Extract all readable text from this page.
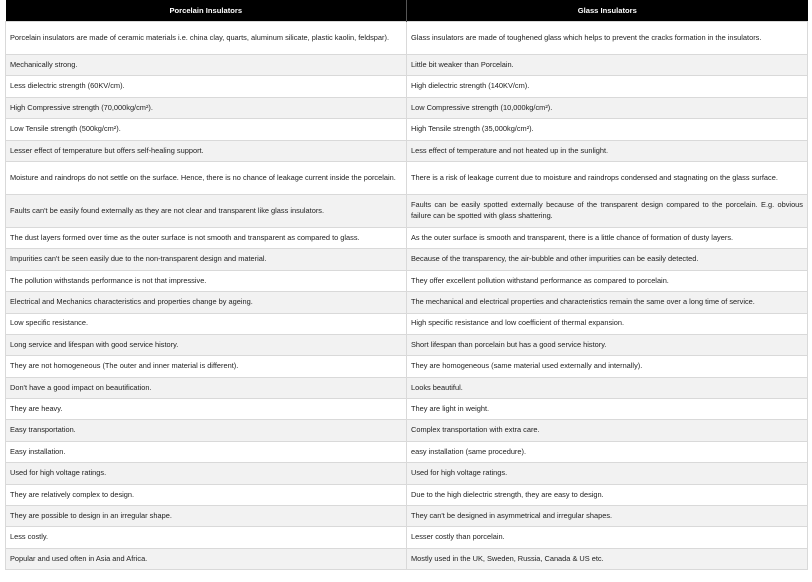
Porcelain Insulators	Glass Insulators
Porcelain insulators are made of ceramic materials i.e. china clay, quarts, aluminum silicate, plastic kaolin, feldspar).	Glass insulators are made of toughened glass which helps to prevent the cracks formation in the insulators.
Mechanically strong.	Little bit weaker than Porcelain.
Less dielectric strength (60KV/cm).	High dielectric strength (140KV/cm).
High Compressive strength (70,000kg/cm²).	Low Compressive strength (10,000kg/cm²).
Low Tensile strength (500kg/cm²).	High Tensile strength (35,000kg/cm²).
Lesser effect of temperature but offers self-healing support.	Less effect of temperature and not heated up in the sunlight.
Moisture and raindrops do not settle on the surface. Hence, there is no chance of leakage current inside the porcelain.	There is a risk of leakage current due to moisture and raindrops condensed and stagnating on the glass surface.
Faults can't be easily found externally as they are not clear and transparent like glass insulators.	Faults can be easily spotted externally because of the transparent design compared to the porcelain. E.g. obvious failure can be spotted with glass shattering.
The dust layers formed over time as the outer surface is not smooth and transparent as compared to glass.	As the outer surface is smooth and transparent, there is a little chance of formation of dusty layers.
Impurities can't be seen easily due to the non-transparent design and material.	Because of the transparency, the air-bubble and other impurities can be easily detected.
The pollution withstands performance is not that impressive.	They offer excellent pollution withstand performance as compared to porcelain.
Electrical and Mechanics characteristics and properties change by ageing.	The mechanical and electrical properties and characteristics remain the same over a long time of service.
Low specific resistance.	High specific resistance and low coefficient of thermal expansion.
Long service and lifespan with good service history.	Short lifespan than porcelain but has a good service history.
They are not homogeneous (The outer and inner material is different).	They are homogeneous (same material used externally and internally).
Don't have a good impact on beautification.	Looks beautiful.
They are heavy.	They are light in weight.
Easy transportation.	Complex transportation with extra care.
Easy installation.	easy installation (same procedure).
Used for high voltage ratings.	Used for high voltage ratings.
They are relatively complex to design.	Due to the high dielectric strength, they are easy to design.
They are possible to design in an irregular shape.	They can't be designed in asymmetrical and irregular shapes.
Less costly.	Lesser costly than porcelain.
Popular and used often in Asia and Africa.	Mostly used in the UK, Sweden, Russia, Canada & US etc.
